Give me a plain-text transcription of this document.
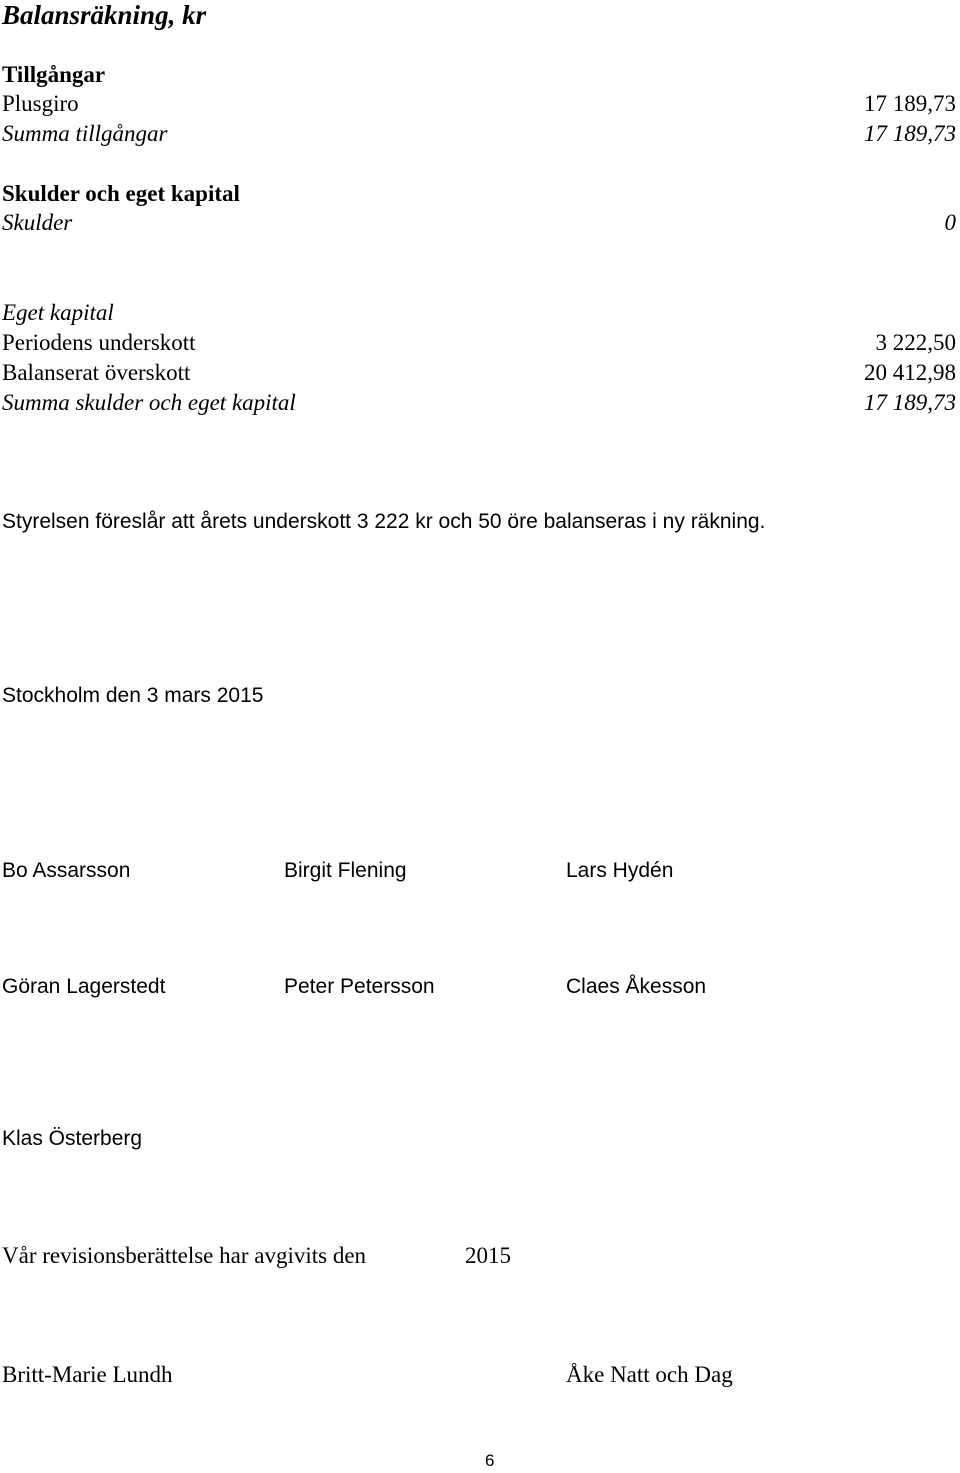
Balansräkning, kr
Tillgångar
Plusgiro	17 189,73
Summa tillgångar	17 189,73
Skulder och eget kapital
Skulder	0
Eget kapital
Periodens underskott	3 222,50
Balanserat överskott	20 412,98
Summa skulder och eget kapital	17 189,73
Styrelsen föreslår att årets underskott 3 222 kr och 50 öre balanseras i ny räkning.
Stockholm den 3 mars 2015
Bo Assarsson	Birgit Flening	Lars Hydén
Göran Lagerstedt	Peter Petersson	Claes Åkesson
Klas Österberg
Vår revisionsberättelse har avgivits den	2015
Britt-Marie Lundh	Åke Natt och Dag
6
